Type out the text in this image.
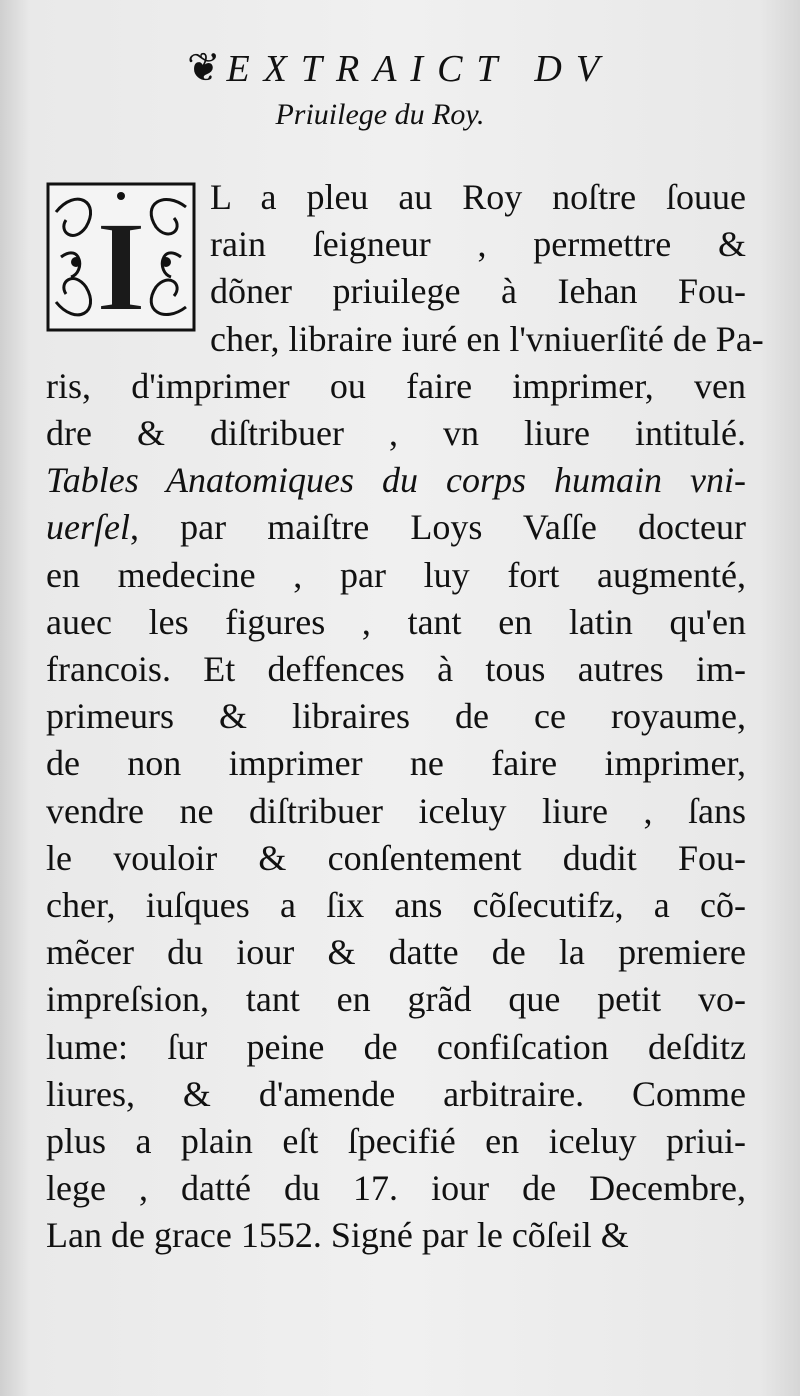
❦ EXTRAICT DV
Priuilege du Roy.
I	L a pleu au Roy noſtre ſouue
rain ſeigneur , permettre &
dõner priuilege à Iehan Fou-
cher, libraire iuré en l'vniuerſité de Pa-
ris, d'imprimer ou faire imprimer, ven
dre & diſtribuer , vn liure intitulé.
Tables Anatomiques du corps humain vni-
uerſel, par maiſtre Loys Vaſſe docteur
en medecine , par luy fort augmenté,
auec les figures , tant en latin qu'en
francois. Et deffences à tous autres im-
primeurs & libraires de ce royaume,
de non imprimer ne faire imprimer,
vendre ne diſtribuer iceluy liure , ſans
le vouloir & conſentement dudit Fou-
cher, iuſques a ſix ans cõſecutifz, a cõ-
mẽcer du iour & datte de la premiere
impreſsion, tant en grãd que petit vo-
lume: ſur peine de confiſcation deſditz
liures, & d'amende arbitraire. Comme
plus a plain eſt ſpecifié en iceluy priui-
lege , datté du 17. iour de Decembre,
Lan de grace 1552. Signé par le cõſeil &
